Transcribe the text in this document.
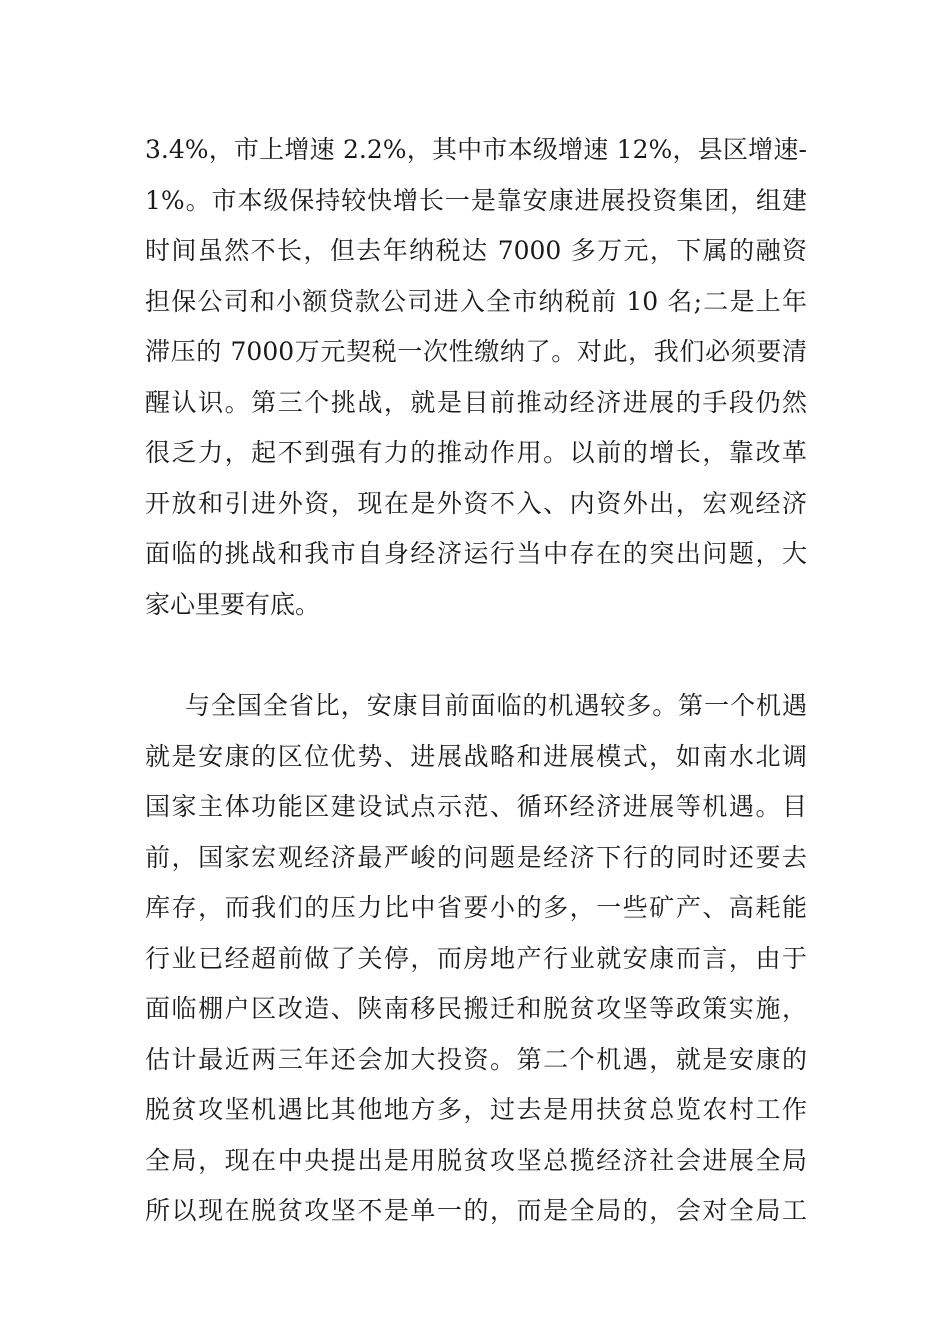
3.4%，市上增速 2.2%，其中市本级增速 12%，县区增速-
1%。市本级保持较快增长一是靠安康进展投资集团，组建
时间虽然不长，但去年纳税达 7000 多万元，下属的融资
担保公司和小额贷款公司进入全市纳税前 10 名;二是上年
滞压的 7000万元契税一次性缴纳了。对此，我们必须要清
醒认识。第三个挑战，就是目前推动经济进展的手段仍然
很乏力，起不到强有力的推动作用。以前的增长，靠改革
开放和引进外资，现在是外资不入、内资外出，宏观经济
面临的挑战和我市自身经济运行当中存在的突出问题，大
家心里要有底。
与全国全省比，安康目前面临的机遇较多。第一个机遇
就是安康的区位优势、进展战略和进展模式，如南水北调
国家主体功能区建设试点示范、循环经济进展等机遇。目
前，国家宏观经济最严峻的问题是经济下行的同时还要去
库存，而我们的压力比中省要小的多，一些矿产、高耗能
行业已经超前做了关停，而房地产行业就安康而言，由于
面临棚户区改造、陕南移民搬迁和脱贫攻坚等政策实施，
估计最近两三年还会加大投资。第二个机遇，就是安康的
脱贫攻坚机遇比其他地方多，过去是用扶贫总览农村工作
全局，现在中央提出是用脱贫攻坚总揽经济社会进展全局
所以现在脱贫攻坚不是单一的，而是全局的，会对全局工
